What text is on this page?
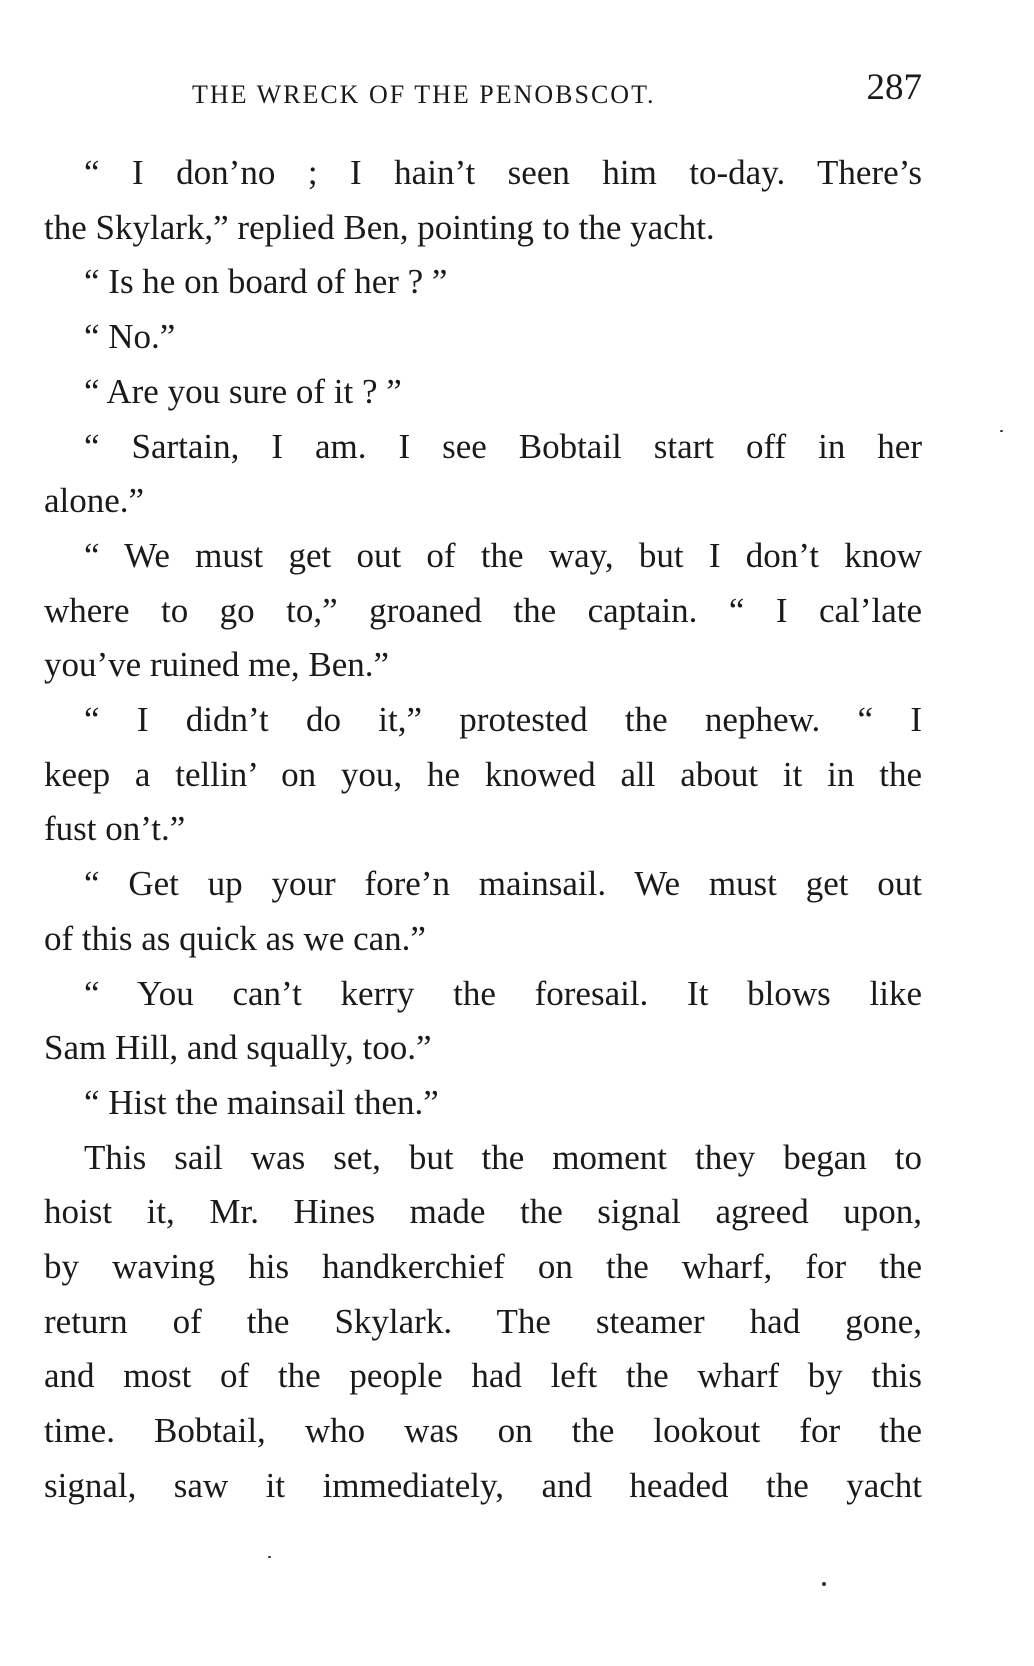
THE WRECK OF THE PENOBSCOT.	287
“ I don’no ; I hain’t seen him to-day. There’s
the Skylark,” replied Ben, pointing to the yacht.
“ Is he on board of her ? ”
“ No.”
“ Are you sure of it ? ”
“ Sartain, I am. I see Bobtail start off in her
alone.”
“ We must get out of the way, but I don’t know
where to go to,” groaned the captain. “ I cal’late
you’ve ruined me, Ben.”
“ I didn’t do it,” protested the nephew. “ I
keep a tellin’ on you, he knowed all about it in the
fust on’t.”
“ Get up your fore’n mainsail. We must get out
of this as quick as we can.”
“ You can’t kerry the foresail. It blows like
Sam Hill, and squally, too.”
“ Hist the mainsail then.”
This sail was set, but the moment they began to
hoist it, Mr. Hines made the signal agreed upon,
by waving his handkerchief on the wharf, for the
return of the Skylark. The steamer had gone,
and most of the people had left the wharf by this
time. Bobtail, who was on the lookout for the
signal, saw it immediately, and headed the yacht
